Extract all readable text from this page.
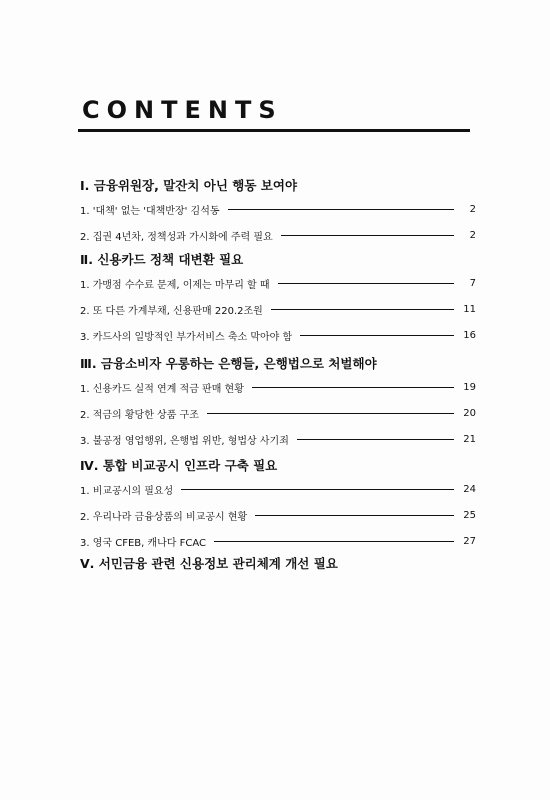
CONTENTS
Ⅰ. 금융위원장, 말잔치 아닌 행동 보여야
1. '대책' 없는 '대책반장' 김석동	2
2. 집권 4년차, 정책성과 가시화에 주력 필요	2
Ⅱ. 신용카드 정책 대변환 필요
1. 가맹점 수수료 문제, 이제는 마무리 할 때	7
2. 또 다른 가계부채, 신용판매 220.2조원	11
3. 카드사의 일방적인 부가서비스 축소 막아야 함	16
Ⅲ. 금융소비자 우롱하는 은행들, 은행법으로 처벌해야
1. 신용카드 실적 연계 적금 판매 현황	19
2. 적금의 황당한 상품 구조	20
3. 불공정 영업행위, 은행법 위반, 형법상 사기죄	21
Ⅳ. 통합 비교공시 인프라 구축 필요
1. 비교공시의 필요성	24
2. 우리나라 금융상품의 비교공시 현황	25
3. 영국 CFEB, 캐나다 FCAC	27
Ⅴ. 서민금융 관련 신용정보 관리체계 개선 필요
